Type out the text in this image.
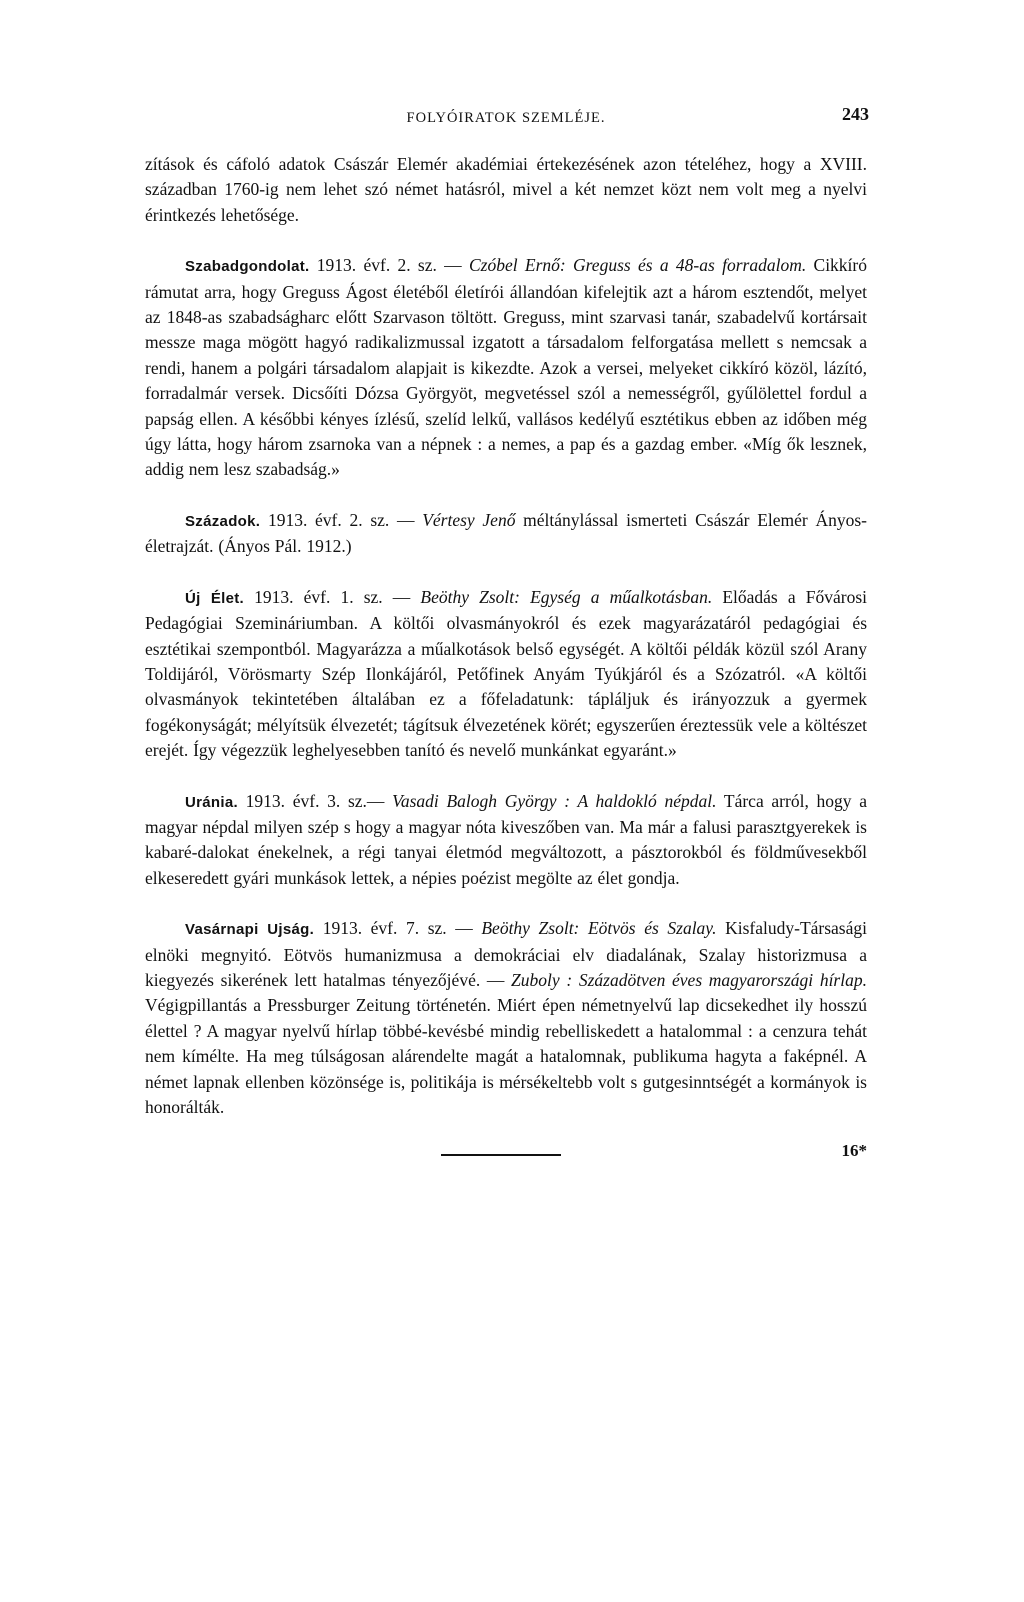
FOLYÓIRATOK SZEMLÉJE.	243

zítások és cáfoló adatok Császár Elemér akadémiai értekezésének azon tételéhez, hogy a XVIII. században 1760-ig nem lehet szó német hatásról, mivel a két nemzet közt nem volt meg a nyelvi érintkezés lehetősége.

Szabadgondolat. 1913. évf. 2. sz. — Czóbel Ernő: Greguss és a 48-as forradalom. Cikkíró rámutat arra, hogy Greguss Ágost életéből életírói állandóan kifelejtik azt a három esztendőt, melyet az 1848-as szabadságharc előtt Szarvason töltött. Greguss, mint szarvasi tanár, szabadelvű kortársait messze maga mögött hagyó radikalizmussal izgatott a társadalom felforgatása mellett s nemcsak a rendi, hanem a polgári társadalom alapjait is kikezdte. Azok a versei, melyeket cikkíró közöl, lázító, forradalmár versek. Dicsőíti Dózsa Györgyöt, megvetéssel szól a nemességről, gyűlölettel fordul a papság ellen. A későbbi kényes ízlésű, szelíd lelkű, vallásos kedélyű esztétikus ebben az időben még úgy látta, hogy három zsarnoka van a népnek : a nemes, a pap és a gazdag ember. «Míg ők lesznek, addig nem lesz szabadság.»

Századok. 1913. évf. 2. sz. — Vértesy Jenő méltánylással ismerteti Császár Elemér Ányos-életrajzát. (Ányos Pál. 1912.)

Új Élet. 1913. évf. 1. sz. — Beöthy Zsolt: Egység a műalkotásban. Előadás a Fővárosi Pedagógiai Szemináriumban. A költői olvasmányokról és ezek magyarázatáról pedagógiai és esztétikai szempontból. Magyarázza a műalkotások belső egységét. A költői példák közül szól Arany Toldijáról, Vörösmarty Szép Ilonkájáról, Petőfinek Anyám Tyúkjáról és a Szózatról. «A költői olvasmányok tekintetében általában ez a főfeladatunk: tápláljuk és irányozzuk a gyermek fogékonyságát; mélyítsük élvezetét; tágítsuk élvezetének körét; egyszerűen éreztessük vele a költészet erejét. Így végezzük leghelyesebben tanító és nevelő munkánkat egyaránt.»

Uránia. 1913. évf. 3. sz.— Vasadi Balogh György : A haldokló népdal. Tárca arról, hogy a magyar népdal milyen szép s hogy a magyar nóta kiveszőben van. Ma már a falusi parasztgyerekek is kabaré-dalokat énekelnek, a régi tanyai életmód megváltozott, a pásztorokból és földművesekből elkeseredett gyári munkások lettek, a népies poézist megölte az élet gondja.

Vasárnapi Ujság. 1913. évf. 7. sz. — Beöthy Zsolt: Eötvös és Szalay. Kisfaludy-Társasági elnöki megnyitó. Eötvös humanizmusa a demokráciai elv diadalának, Szalay historizmusa a kiegyezés sikerének lett hatalmas tényezőjévé. — Zuboly : Századötven éves magyarországi hírlap. Végigpillantás a Pressburger Zeitung történetén. Miért épen németnyelvű lap dicsekedhet ily hosszú élettel ? A magyar nyelvű hírlap többé-kevésbé mindig rebelliskedett a hatalommal : a cenzura tehát nem kímélte. Ha meg túlságosan alárendelte magát a hatalomnak, publikuma hagyta a faképnél. A német lapnak ellenben közönsége is, politikája is mérsékeltebb volt s gutgesinntségét a kormányok is honorálták.

16*
